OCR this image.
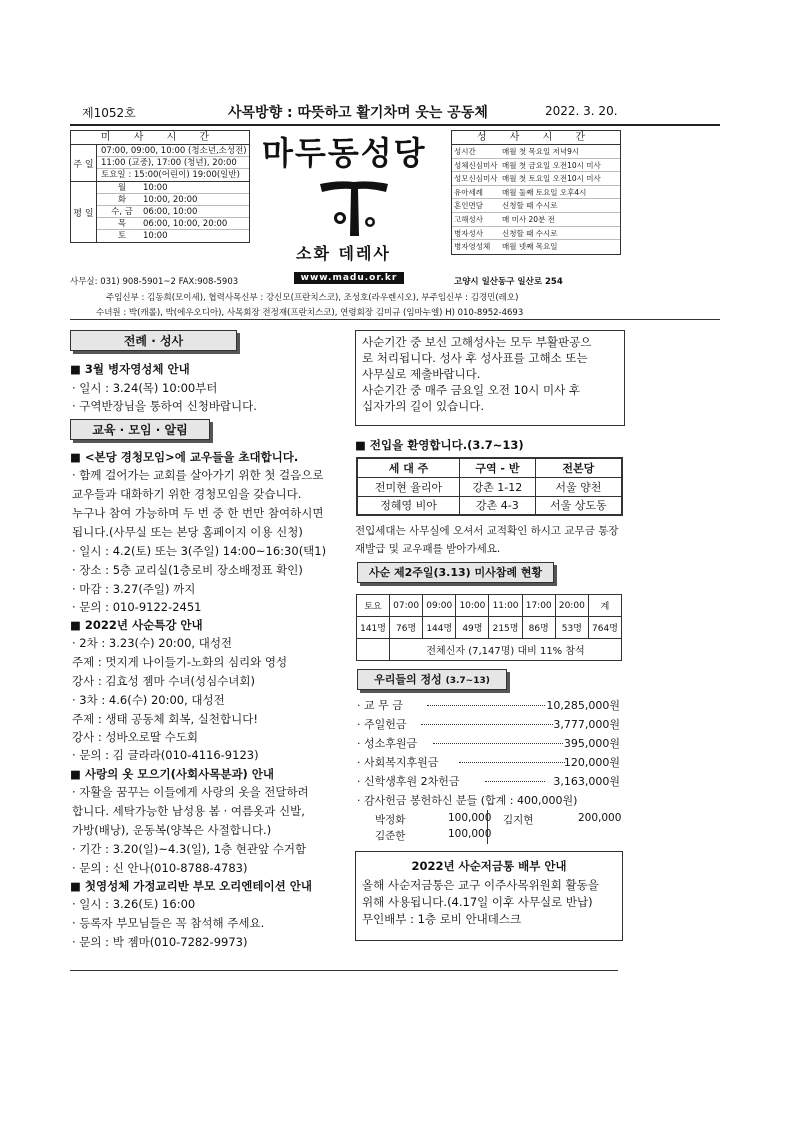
제1052호	사목방향 : 따뜻하고 활기차며 웃는 공동체	2022. 3. 20.
미 사 시 간
주 일
07:00, 09:00, 10:00 (청소년,소성전)
11:00 (교중), 17:00 (청년), 20:00
토요일 : 15:00(어린이) 19:00(일반)
평 일
월 10:00
화 10:00, 20:00
수, 금 06:00, 10:00
목 06:00, 10:00, 20:00
토 10:00
마두동성당
소화 데레사
www.madu.or.kr
성 사 시 간
성시간	매월 첫 목요일 저녁9시
성체신심미사 매월 첫 금요일 오전10시 미사
성모신심미사 매월 첫 토요일 오전10시 미사
유아세례	매월 둘째 토요일 오후4시
혼인면담	신청할 때 수시로
고해성사	매 미사 20분 전
병자성사	신청할 때 수시로
병자영성체	매월 넷째 목요일
사무실: 031) 908-5901~2 FAX:908-5903	고양시 일산동구 일산로 254
주임신부 : 김동희(모이세), 협력사목신부 : 강신모(프란치스코), 조성호(라우렌시오), 부주임신부 : 김경민(레오)
수녀원 : 박(캐롤), 박(에우오디아), 사목회장 전정재(프란치스코), 연령회장 김미규 (임마누엘) H) 010-8952-4693
전례 · 성사
■ 3월 병자영성체 안내
· 일시 : 3.24(목) 10:00부터
· 구역반장님을 통하여 신청바랍니다.
교육 · 모임 · 알림
■ <본당 경청모임>에 교우들을 초대합니다.
· 함께 걸어가는 교회를 살아가기 위한 첫 걸음으로
교우들과 대화하기 위한 경청모임을 갖습니다.
누구나 참여 가능하며 두 번 중 한 번만 참여하시면
됩니다.(사무실 또는 본당 홈페이지 이용 신청)
· 일시 : 4.2(토) 또는 3(주일) 14:00~16:30(택1)
· 장소 : 5층 교리실(1층로비 장소배정표 확인)
· 마감 : 3.27(주일) 까지
· 문의 : 010-9122-2451
■ 2022년 사순특강 안내
· 2차 : 3.23(수) 20:00, 대성전
주제 : 멋지게 나이들기-노화의 심리와 영성
강사 : 김효성 젬마 수녀(성심수녀회)
· 3차 : 4.6(수) 20:00, 대성전
주제 : 생태 공동체 회복, 실천합니다!
강사 : 성바오로딸 수도회
· 문의 : 김 글라라(010-4116-9123)
■ 사랑의 옷 모으기(사회사목분과) 안내
· 자활을 꿈꾸는 이들에게 사랑의 옷을 전달하려
합니다. 세탁가능한 남성용 봄 · 여름옷과 신발,
가방(배낭), 운동복(양복은 사절합니다.)
· 기간 : 3.20(일)~4.3(일), 1층 현관앞 수거함
· 문의 : 신 안나(010-8788-4783)
■ 첫영성체 가정교리반 부모 오리엔테이션 안내
· 일시 : 3.26(토) 16:00
· 등록자 부모님들은 꼭 참석해 주세요.
· 문의 : 박 젬마(010-7282-9973)

사순기간 중 보신 고해성사는 모두 부활판공으

로 처리됩니다. 성사 후 성사표를 고해소 또는

사무실로 제출바랍니다.

사순기간 중 매주 금요일 오전 10시 미사 후

십자가의 길이 있습니다.

■ 전입을 환영합니다.(3.7~13)
세 대 주	구역 - 반	전본당
전미현 율리아	강촌 1-12	서울 양천
정혜영 비아	강촌 4-3	서울 상도동
전입세대는 사무실에 오셔서 교적확인 하시고 교무금 통장
재발급 및 교우패를 받아가세요.
사순 제2주일(3.13) 미사참례 현황
토요	07:00	09:00	10:00	11:00	17:00	20:00	계
141명	76명	144명	49명	215명	86명	53명	764명
	전체신자 (7,147명) 대비 11% 참석						
우리들의 정성 (3.7~13)
· 교 무 금	10,285,000원
· 주일헌금	3,777,000원
· 성소후원금	395,000원
· 사회복지후원금	120,000원
· 신학생후원 2차헌금	3,163,000원
· 감사헌금 봉헌하신 분들 (합계 : 400,000원)
박정화	100,000
김준한	100,000
김지현	200,000
2022년 사순저금통 배부 안내

올해 사순저금통은 교구 이주사목위원회 활동을

위해 사용됩니다.(4.17일 이후 사무실로 반납)

무인배부 : 1층 로비 안내데스크
